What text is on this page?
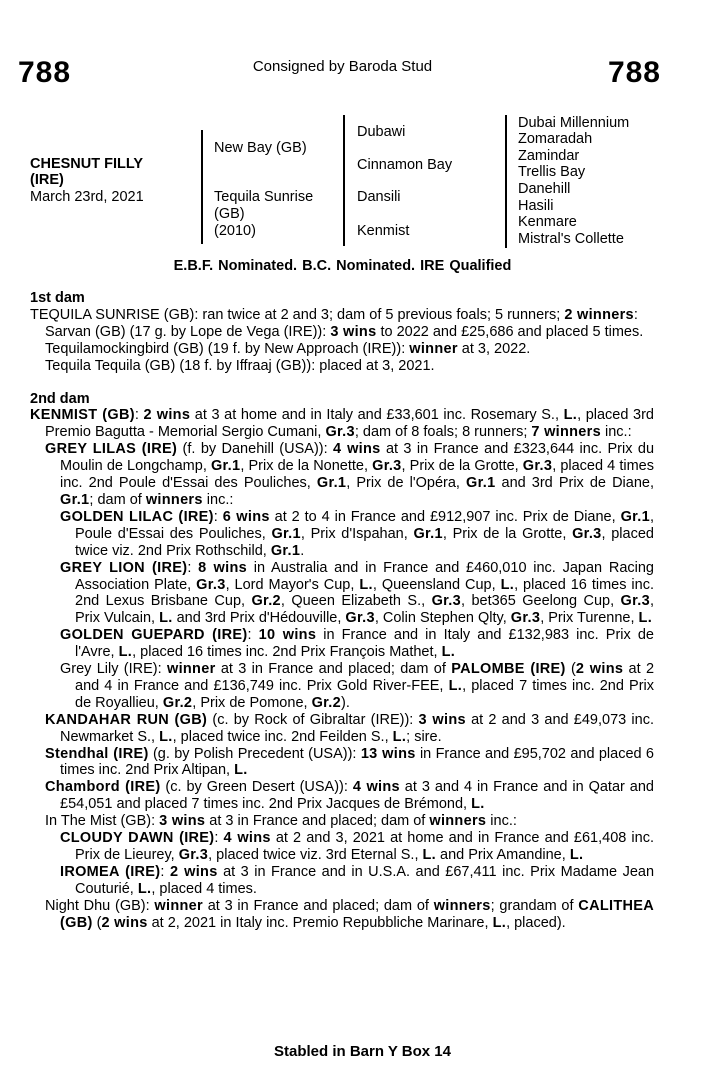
788	Consigned by Baroda Stud	788
CHESNUT FILLY
(IRE)
March 23rd, 2021
New Bay (GB)
Tequila Sunrise
(GB)
(2010)
Dubawi
Cinnamon Bay
Dansili
Kenmist
Dubai Millennium
Zomaradah
Zamindar
Trellis Bay
Danehill
Hasili
Kenmare
Mistral's Collette
E.B.F. Nominated. B.C. Nominated. IRE Qualified
1st dam
TEQUILA SUNRISE (GB): ran twice at 2 and 3; dam of 5 previous foals; 5 runners; 2 winners:
Sarvan (GB) (17 g. by Lope de Vega (IRE)): 3 wins to 2022 and £25,686 and placed 5 times.
Tequilamockingbird (GB) (19 f. by New Approach (IRE)): winner at 3, 2022.
Tequila Tequila (GB) (18 f. by Iffraaj (GB)): placed at 3, 2021.
2nd dam
KENMIST (GB): 2 wins at 3 at home and in Italy and £33,601 inc. Rosemary S., L., placed 3rd Premio Bagutta - Memorial Sergio Cumani, Gr.3; dam of 8 foals; 8 runners; 7 winners inc.:
GREY LILAS (IRE) (f. by Danehill (USA)): 4 wins at 3 in France and £323,644 inc. Prix du Moulin de Longchamp, Gr.1, Prix de la Nonette, Gr.3, Prix de la Grotte, Gr.3, placed 4 times inc. 2nd Poule d'Essai des Pouliches, Gr.1, Prix de l'Opéra, Gr.1 and 3rd Prix de Diane, Gr.1; dam of winners inc.:
GOLDEN LILAC (IRE): 6 wins at 2 to 4 in France and £912,907 inc. Prix de Diane, Gr.1, Poule d'Essai des Pouliches, Gr.1, Prix d'Ispahan, Gr.1, Prix de la Grotte, Gr.3, placed twice viz. 2nd Prix Rothschild, Gr.1.
GREY LION (IRE): 8 wins in Australia and in France and £460,010 inc. Japan Racing Association Plate, Gr.3, Lord Mayor's Cup, L., Queensland Cup, L., placed 16 times inc. 2nd Lexus Brisbane Cup, Gr.2, Queen Elizabeth S., Gr.3, bet365 Geelong Cup, Gr.3, Prix Vulcain, L. and 3rd Prix d'Hédouville, Gr.3, Colin Stephen Qlty, Gr.3, Prix Turenne, L.
GOLDEN GUEPARD (IRE): 10 wins in France and in Italy and £132,983 inc. Prix de l'Avre, L., placed 16 times inc. 2nd Prix François Mathet, L.
Grey Lily (IRE): winner at 3 in France and placed; dam of PALOMBE (IRE) (2 wins at 2 and 4 in France and £136,749 inc. Prix Gold River-FEE, L., placed 7 times inc. 2nd Prix de Royallieu, Gr.2, Prix de Pomone, Gr.2).
KANDAHAR RUN (GB) (c. by Rock of Gibraltar (IRE)): 3 wins at 2 and 3 and £49,073 inc. Newmarket S., L., placed twice inc. 2nd Feilden S., L.; sire.
Stendhal (IRE) (g. by Polish Precedent (USA)): 13 wins in France and £95,702 and placed 6 times inc. 2nd Prix Altipan, L.
Chambord (IRE) (c. by Green Desert (USA)): 4 wins at 3 and 4 in France and in Qatar and £54,051 and placed 7 times inc. 2nd Prix Jacques de Brémond, L.
In The Mist (GB): 3 wins at 3 in France and placed; dam of winners inc.:
CLOUDY DAWN (IRE): 4 wins at 2 and 3, 2021 at home and in France and £61,408 inc. Prix de Lieurey, Gr.3, placed twice viz. 3rd Eternal S., L. and Prix Amandine, L.
IROMEA (IRE): 2 wins at 3 in France and in U.S.A. and £67,411 inc. Prix Madame Jean Couturié, L., placed 4 times.
Night Dhu (GB): winner at 3 in France and placed; dam of winners; grandam of CALITHEA (GB) (2 wins at 2, 2021 in Italy inc. Premio Repubbliche Marinare, L., placed).
Stabled in Barn Y Box 14
